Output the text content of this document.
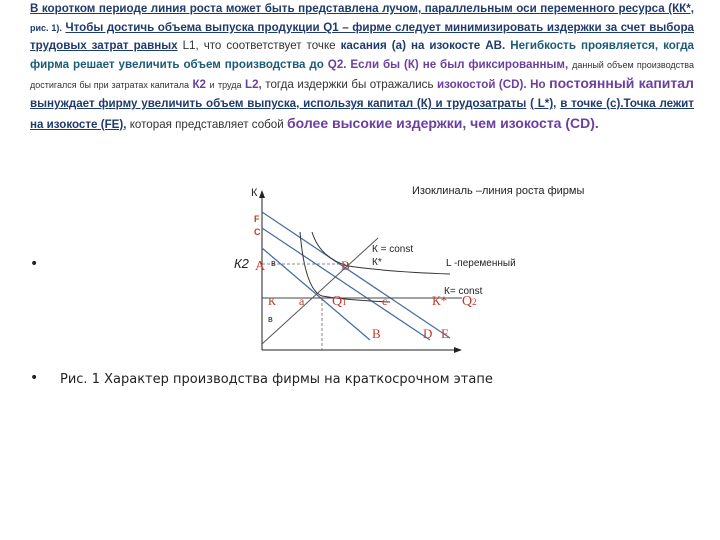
В коротком периоде линия роста может быть представлена лучом, параллельным оси переменного ресурса (КК*, рис. 1). Чтобы достичь объема выпуска продукции Q1 – фирме следует минимизировать издержки за счет выбора трудовых затрат равных L1, что соответствует точке касания (а) на изокосте АВ. Негибкость проявляется, когда фирма решает увеличить объем производства до Q2. Если бы (К) не был фиксированным, данный объем производства достигался бы при затратах капитала К2 и труда L2, тогда издержки бы отражались изокостой (CD). Но постоянный капитал вынуждает фирму увеличить объем выпуска, используя капитал (К) и трудозатраты ( L*), в точке (с).Точка лежит на изокосте (FE), которая представляет собой более высокие издержки, чем изокоста (CD).
•
•
К	Изоклиналь –линия роста фирмы
F
C
К2 A в	B
К = const
К*	L -переменный
К= const
К а Q1	с	К* Q2
в
B	D E
Рис. 1 Характер производства фирмы на краткосрочном этапе
